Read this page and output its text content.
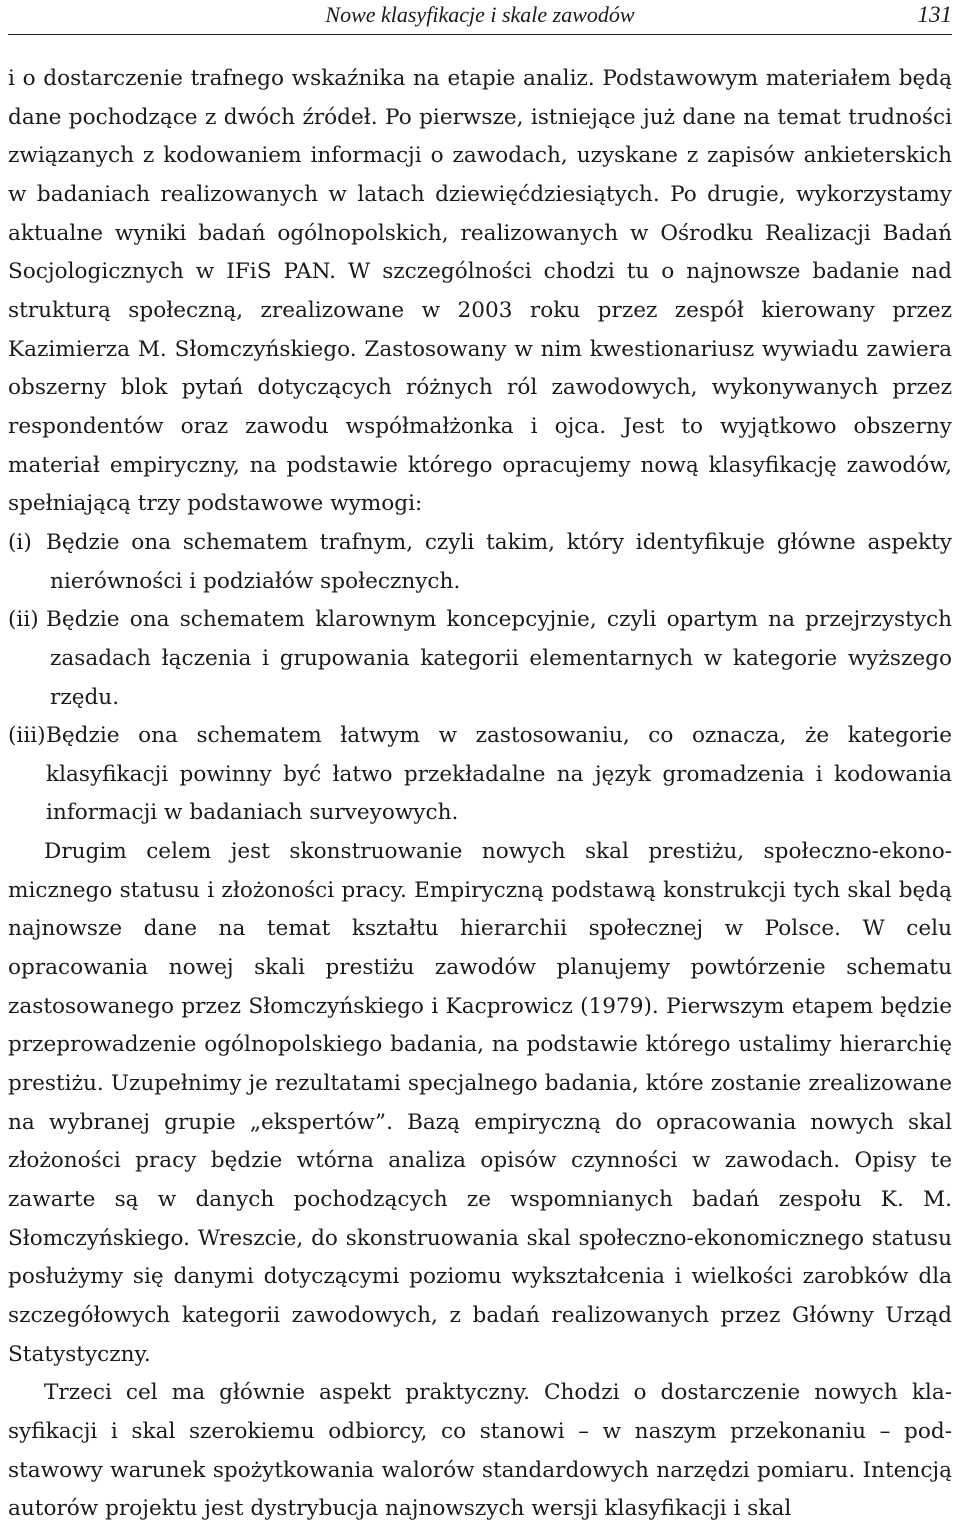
Nowe klasyfikacje i skale zawodów	131

i o dostarczenie trafnego wskaźnika na etapie analiz. Podstawowym materiałem będą dane pochodzące z dwóch źródeł. Po pierwsze, istniejące już dane na temat trudności związanych z kodowaniem informacji o zawodach, uzyskane z zapisów ankieterskich w badaniach realizowanych w latach dziewięćdziesiątych. Po drugie, wykorzystamy aktualne wyniki badań ogólnopolskich, realizowanych w Ośrodku Realizacji Badań Socjologicznych w IFiS PAN. W szczególności chodzi tu o najnowsze badanie nad strukturą społeczną, zrealizowane w 2003 roku przez zespół kierowany przez Kazimierza M. Słomczyńskiego. Zastosowany w nim kwestionariusz wywiadu zawiera obszerny blok pytań dotyczących różnych ról zawodowych, wykonywanych przez respondentów oraz zawodu współmałżonka i ojca. Jest to wyjątkowo obszerny materiał empiryczny, na podstawie którego opracujemy nową klasyfikację zawodów, spełniającą trzy podstawowe wymogi:

(i) Będzie ona schematem trafnym, czyli takim, który identyfikuje główne aspekty nierówności i podziałów społecznych.
(ii) Będzie ona schematem klarownym koncepcyjnie, czyli opartym na przejrzystych zasadach łączenia i grupowania kategorii elementarnych w kategorie wyższego rzędu.
(iii) Będzie ona schematem łatwym w zastosowaniu, co oznacza, że kategorie klasyfikacji powinny być łatwo przekładalne na język gromadzenia i kodowania informacji w badaniach surveyowych.

Drugim celem jest skonstruowanie nowych skal prestiżu, społeczno-ekonomicznego statusu i złożoności pracy. Empiryczną podstawą konstrukcji tych skal będą najnowsze dane na temat kształtu hierarchii społecznej w Polsce. W celu opracowania nowej skali prestiżu zawodów planujemy powtórzenie schematu zastosowanego przez Słomczyńskiego i Kacprowicz (1979). Pierwszym etapem będzie przeprowadzenie ogólnopolskiego badania, na podstawie którego ustalimy hierarchię prestiżu. Uzupełnimy je rezultatami specjalnego badania, które zostanie zrealizowane na wybranej grupie „ekspertów”. Bazą empiryczną do opracowania nowych skal złożoności pracy będzie wtórna analiza opisów czynności w zawodach. Opisy te zawarte są w danych pochodzących ze wspomnianych badań zespołu K. M. Słomczyńskiego. Wreszcie, do skonstruowania skal społeczno-ekonomicznego statusu posłużymy się danymi dotyczącymi poziomu wykształcenia i wielkości zarobków dla szczegółowych kategorii zawodowych, z badań realizowanych przez Główny Urząd Statystyczny.

Trzeci cel ma głównie aspekt praktyczny. Chodzi o dostarczenie nowych klasyfikacji i skal szerokiemu odbiorcy, co stanowi – w naszym przekonaniu – podstawowy warunek spożytkowania walorów standardowych narzędzi pomiaru. Intencją autorów projektu jest dystrybucja najnowszych wersji klasyfikacji i skal
